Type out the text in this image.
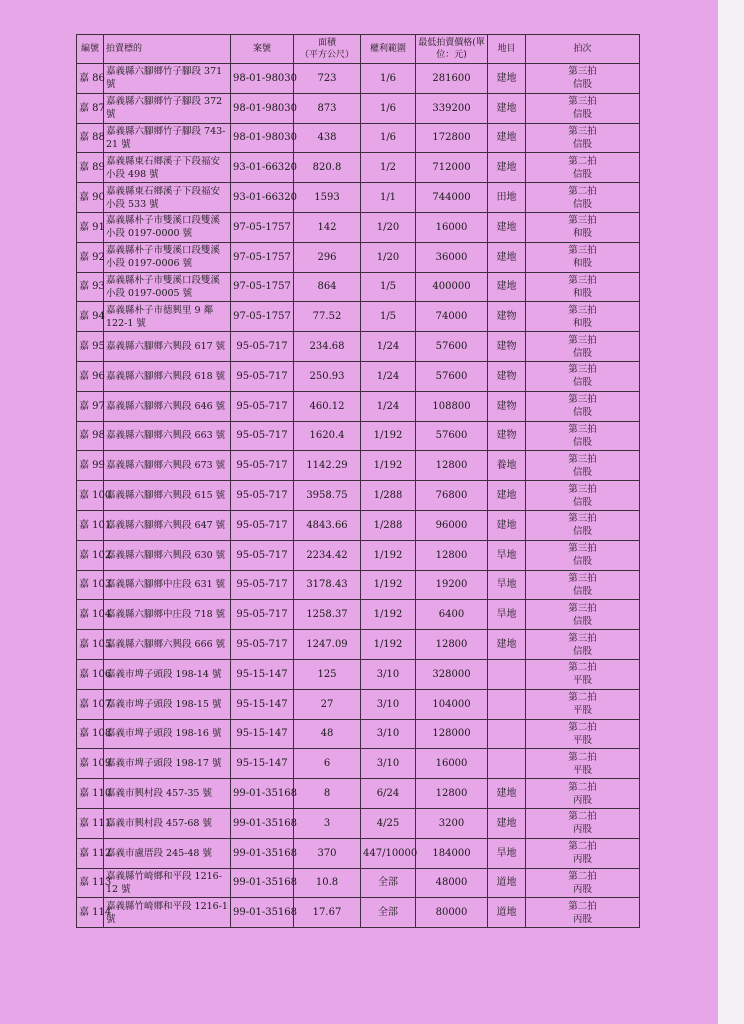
編號	拍賣標的	案號	面積
（平方公尺）	權利範圍	最低拍賣價格(單位：元)	地目	拍次
嘉 86	嘉義縣六腳鄉竹子腳段 371 號	98-01-98030	723	1/6	281600	建地	第三拍
信股
嘉 87	嘉義縣六腳鄉竹子腳段 372 號	98-01-98030	873	1/6	339200	建地	第三拍
信股
嘉 88	嘉義縣六腳鄉竹子腳段 743-21 號	98-01-98030	438	1/6	172800	建地	第三拍
信股
嘉 89	嘉義縣東石鄉溪子下段福安小段 498 號	93-01-66320	820.8	1/2	712000	建地	第二拍
信股
嘉 90	嘉義縣東石鄉溪子下段福安小段 533 號	93-01-66320	1593	1/1	744000	田地	第二拍
信股
嘉 91	嘉義縣朴子市雙溪口段雙溪小段 0197-0000 號	97-05-1757	142	1/20	16000	建地	第三拍
和股
嘉 92	嘉義縣朴子市雙溪口段雙溪小段 0197-0006 號	97-05-1757	296	1/20	36000	建地	第三拍
和股
嘉 93	嘉義縣朴子市雙溪口段雙溪小段 0197-0005 號	97-05-1757	864	1/5	400000	建地	第三拍
和股
嘉 94	嘉義縣朴子市德興里 9 鄰 122-1 號	97-05-1757	77.52	1/5	74000	建物	第三拍
和股
嘉 95	嘉義縣六腳鄉六興段 617 號	95-05-717	234.68	1/24	57600	建物	第三拍
信股
嘉 96	嘉義縣六腳鄉六興段 618 號	95-05-717	250.93	1/24	57600	建物	第三拍
信股
嘉 97	嘉義縣六腳鄉六興段 646 號	95-05-717	460.12	1/24	108800	建物	第三拍
信股
嘉 98	嘉義縣六腳鄉六興段 663 號	95-05-717	1620.4	1/192	57600	建物	第三拍
信股
嘉 99	嘉義縣六腳鄉六興段 673 號	95-05-717	1142.29	1/192	12800	養地	第三拍
信股
嘉 100	嘉義縣六腳鄉六興段 615 號	95-05-717	3958.75	1/288	76800	建地	第三拍
信股
嘉 101	嘉義縣六腳鄉六興段 647 號	95-05-717	4843.66	1/288	96000	建地	第三拍
信股
嘉 102	嘉義縣六腳鄉六興段 630 號	95-05-717	2234.42	1/192	12800	旱地	第三拍
信股
嘉 103	嘉義縣六腳鄉中庄段 631 號	95-05-717	3178.43	1/192	19200	旱地	第三拍
信股
嘉 104	嘉義縣六腳鄉中庄段 718 號	95-05-717	1258.37	1/192	6400	旱地	第三拍
信股
嘉 105	嘉義縣六腳鄉六興段 666 號	95-05-717	1247.09	1/192	12800	建地	第三拍
信股
嘉 106	嘉義市埤子頭段 198-14 號	95-15-147	125	3/10	328000		第二拍
平股
嘉 107	嘉義市埤子頭段 198-15 號	95-15-147	27	3/10	104000		第二拍
平股
嘉 108	嘉義市埤子頭段 198-16 號	95-15-147	48	3/10	128000		第二拍
平股
嘉 109	嘉義市埤子頭段 198-17 號	95-15-147	6	3/10	16000		第二拍
平股
嘉 110	嘉義市興村段 457-35 號	99-01-35168	8	6/24	12800	建地	第二拍
丙股
嘉 111	嘉義市興村段 457-68 號	99-01-35168	3	4/25	3200	建地	第二拍
丙股
嘉 112	嘉義市盧厝段 245-48 號	99-01-35168	370	447/10000	184000	旱地	第二拍
丙股
嘉 113	嘉義縣竹崎鄉和平段 1216-12 號	99-01-35168	10.8	全部	48000	道地	第二拍
丙股
嘉 114	嘉義縣竹崎鄉和平段 1216-1 號	99-01-35168	17.67	全部	80000	道地	第二拍
丙股
